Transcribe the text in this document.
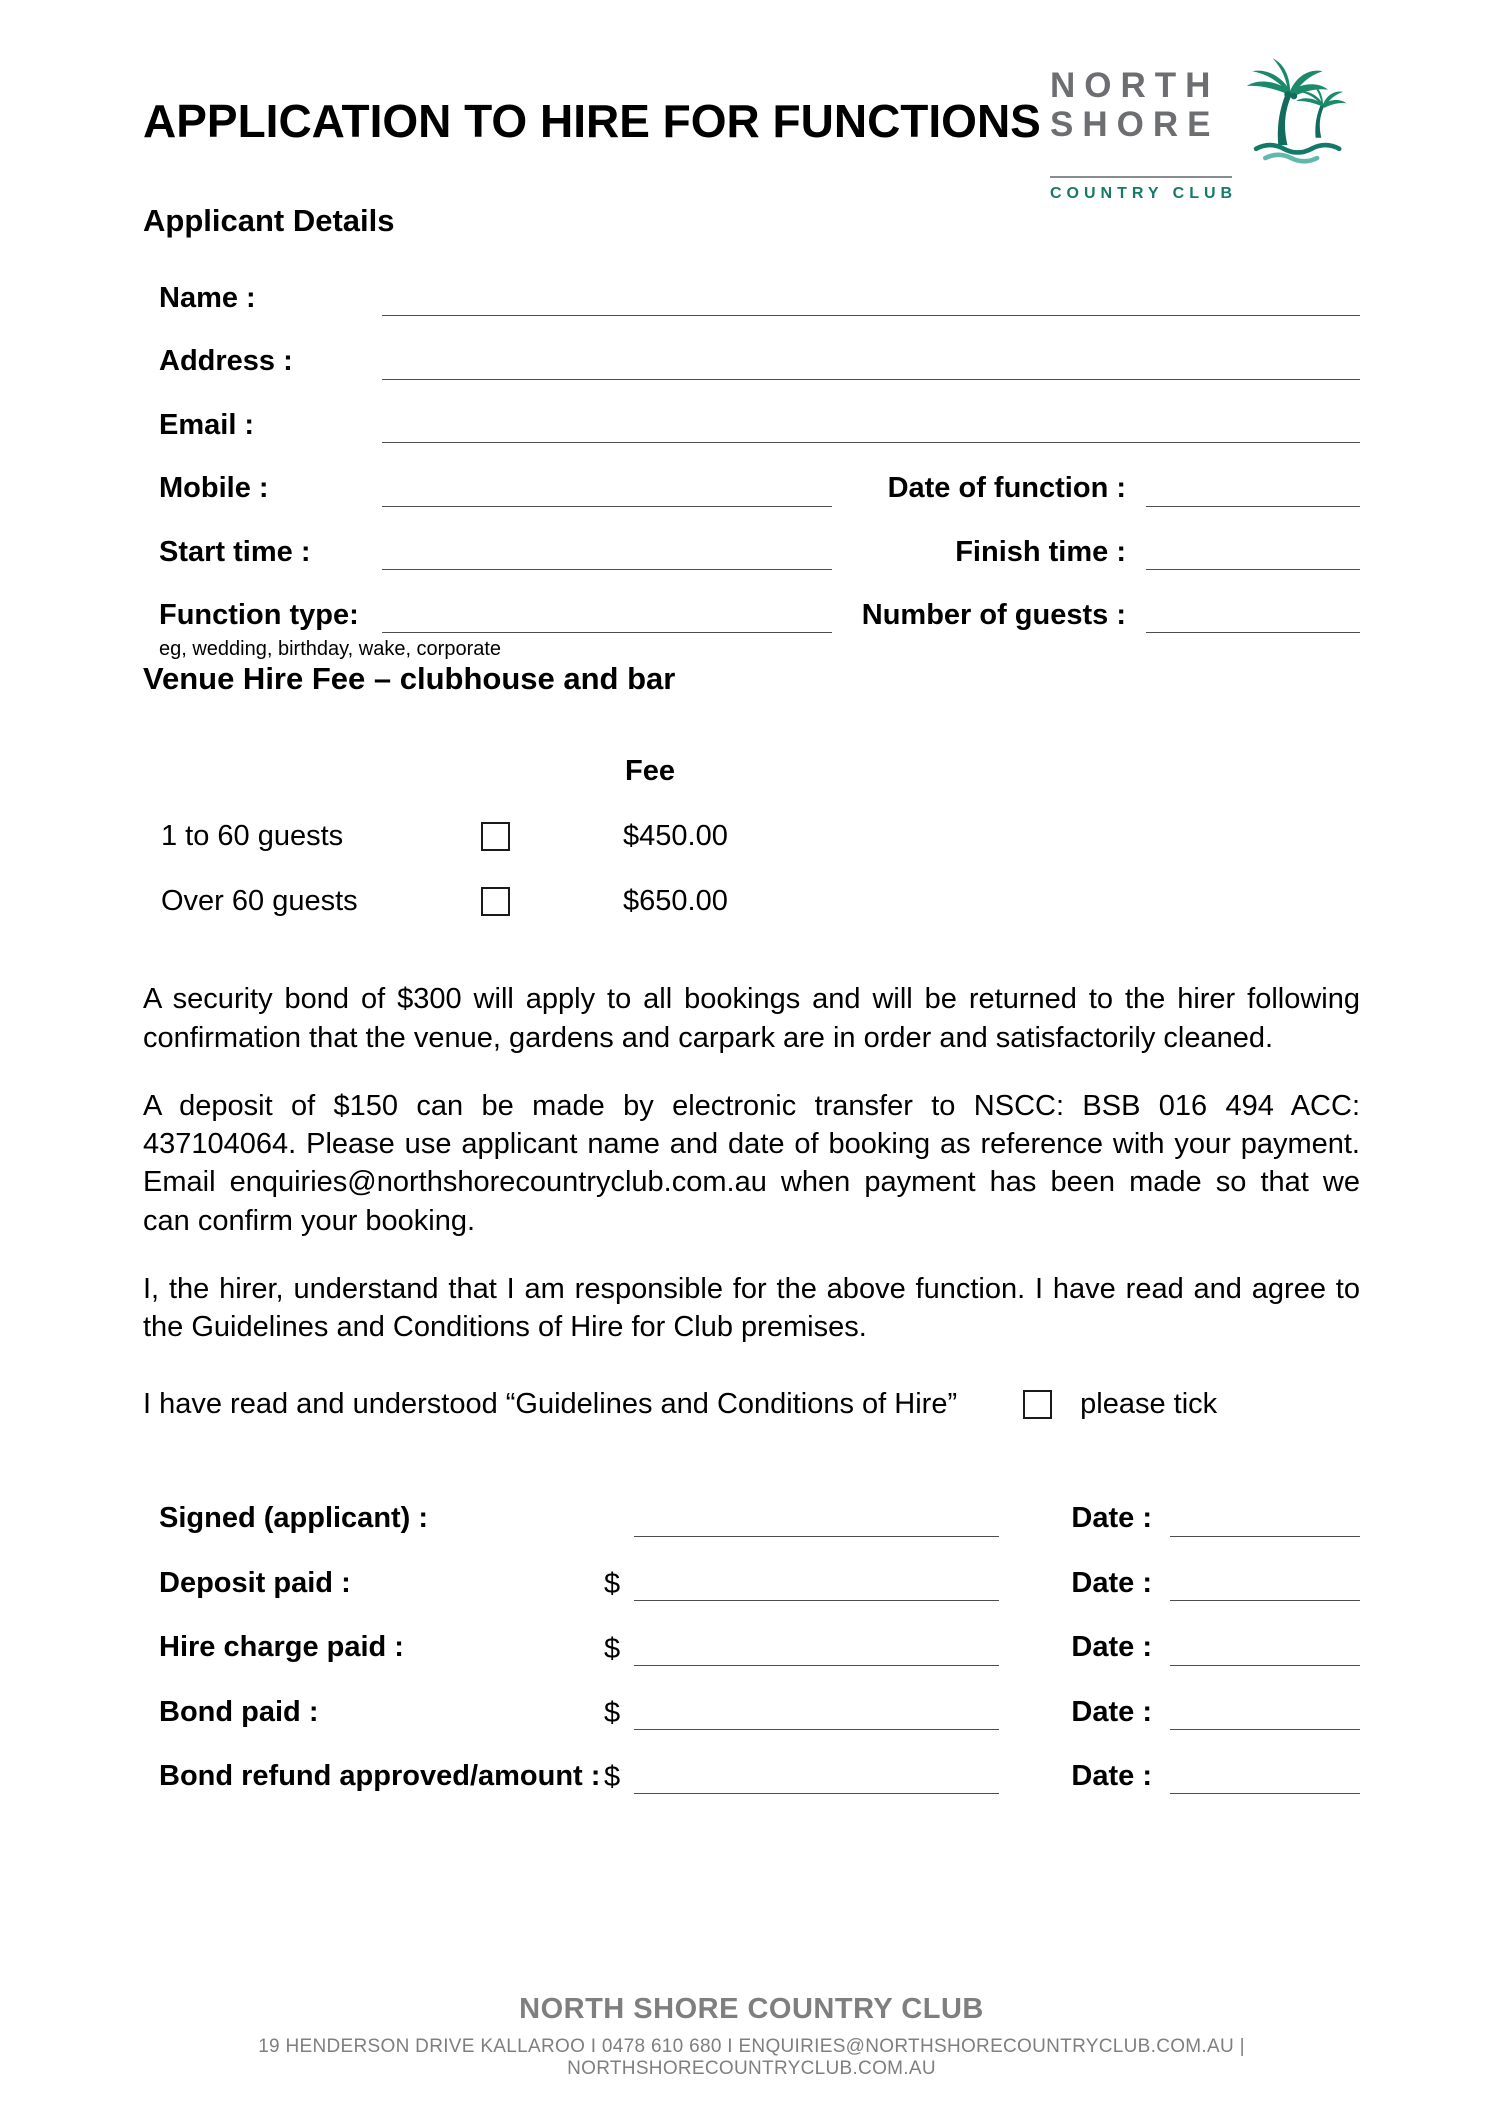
APPLICATION TO HIRE FOR FUNCTIONS
NORTH
SHORE
COUNTRY CLUB
Applicant Details
Name :
Address :
Email :
Mobile :	Date of function :
Start time :	Finish time :
Function type:	Number of guests :
eg, wedding, birthday, wake, corporate
Venue Hire Fee – clubhouse and bar
Fee
1 to 60 guests	$450.00
Over 60 guests	$650.00

A security bond of $300 will apply to all bookings and will be returned to the hirer following confirmation that the venue, gardens and carpark are in order and satisfactorily cleaned.

A deposit of $150 can be made by electronic transfer to NSCC: BSB 016 494 ACC: 437104064. Please use applicant name and date of booking as reference with your payment. Email enquiries@northshorecountryclub.com.au when payment has been made so that we can confirm your booking.

I, the hirer, understand that I am responsible for the above function. I have read and agree to the Guidelines and Conditions of Hire for Club premises.

I have read and understood “Guidelines and Conditions of Hire”	please tick
Signed (applicant) :	Date :
Deposit paid :	$	Date :
Hire charge paid :	$	Date :
Bond paid :	$	Date :
Bond refund approved/amount : $	Date :
NORTH SHORE COUNTRY CLUB
19 HENDERSON DRIVE KALLAROO I 0478 610 680 I ENQUIRIES@NORTHSHORECOUNTRYCLUB.COM.AU | NORTHSHORECOUNTRYCLUB.COM.AU
